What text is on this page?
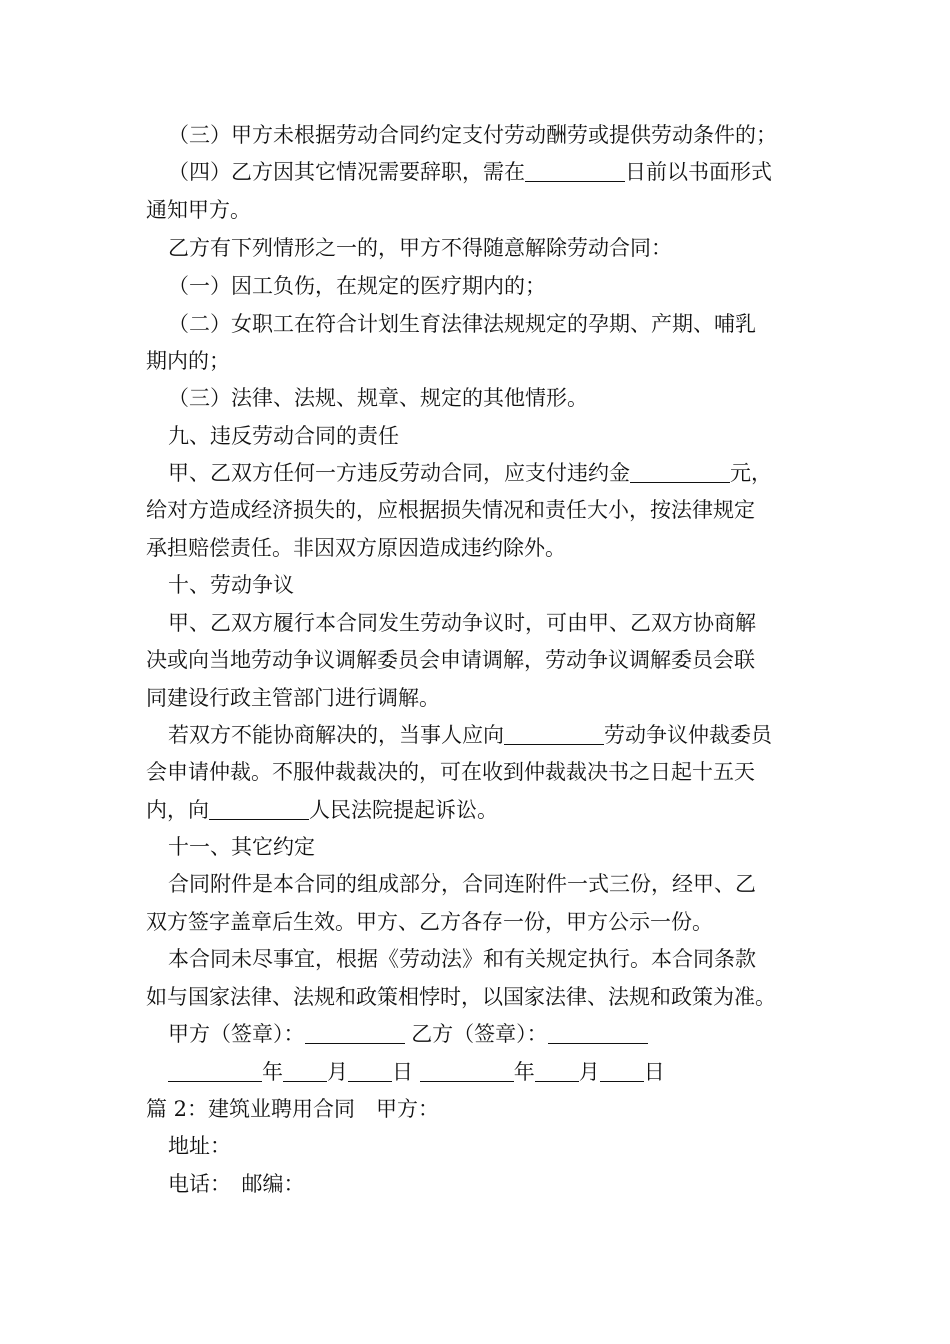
（三）甲方未根据劳动合同约定支付劳动酬劳或提供劳动条件的；
（四）乙方因其它情况需要辞职，需在	日前以书面形式
通知甲方。
乙方有下列情形之一的，甲方不得随意解除劳动合同：
（一）因工负伤，在规定的医疗期内的；
（二）女职工在符合计划生育法律法规规定的孕期、产期、哺乳
期内的；
（三）法律、法规、规章、规定的其他情形。
九、违反劳动合同的责任
甲、乙双方任何一方违反劳动合同，应支付违约金	元，
给对方造成经济损失的，应根据损失情况和责任大小，按法律规定
承担赔偿责任。非因双方原因造成违约除外。
十、劳动争议
甲、乙双方履行本合同发生劳动争议时，可由甲、乙双方协商解
决或向当地劳动争议调解委员会申请调解，劳动争议调解委员会联
同建设行政主管部门进行调解。
若双方不能协商解决的，当事人应向	劳动争议仲裁委员
会申请仲裁。不服仲裁裁决的，可在收到仲裁裁决书之日起十五天
内，向	人民法院提起诉讼。
十一、其它约定
合同附件是本合同的组成部分，合同连附件一式三份，经甲、乙
双方签字盖章后生效。甲方、乙方各存一份，甲方公示一份。
本合同未尽事宜，根据《劳动法》和有关规定执行。本合同条款
如与国家法律、法规和政策相悖时，以国家法律、法规和政策为准。
甲方（签章）：	乙方（签章）：
年 月 日	年 月 日
篇 2：建筑业聘用合同　甲方：
地址：
电话：　邮编：
